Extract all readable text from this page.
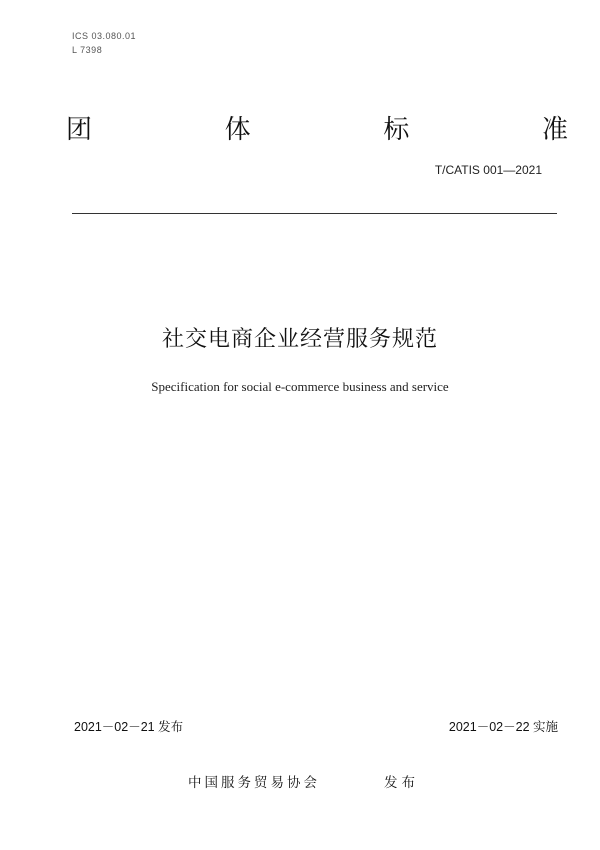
ICS 03.080.01
L 7398
团	体	标	准
T/CATIS 001—2021
社交电商企业经营服务规范
Specification for social e-commerce business and service
2021－02－21 发布	2021－02－22 实施
中国服务贸易协会	发布
